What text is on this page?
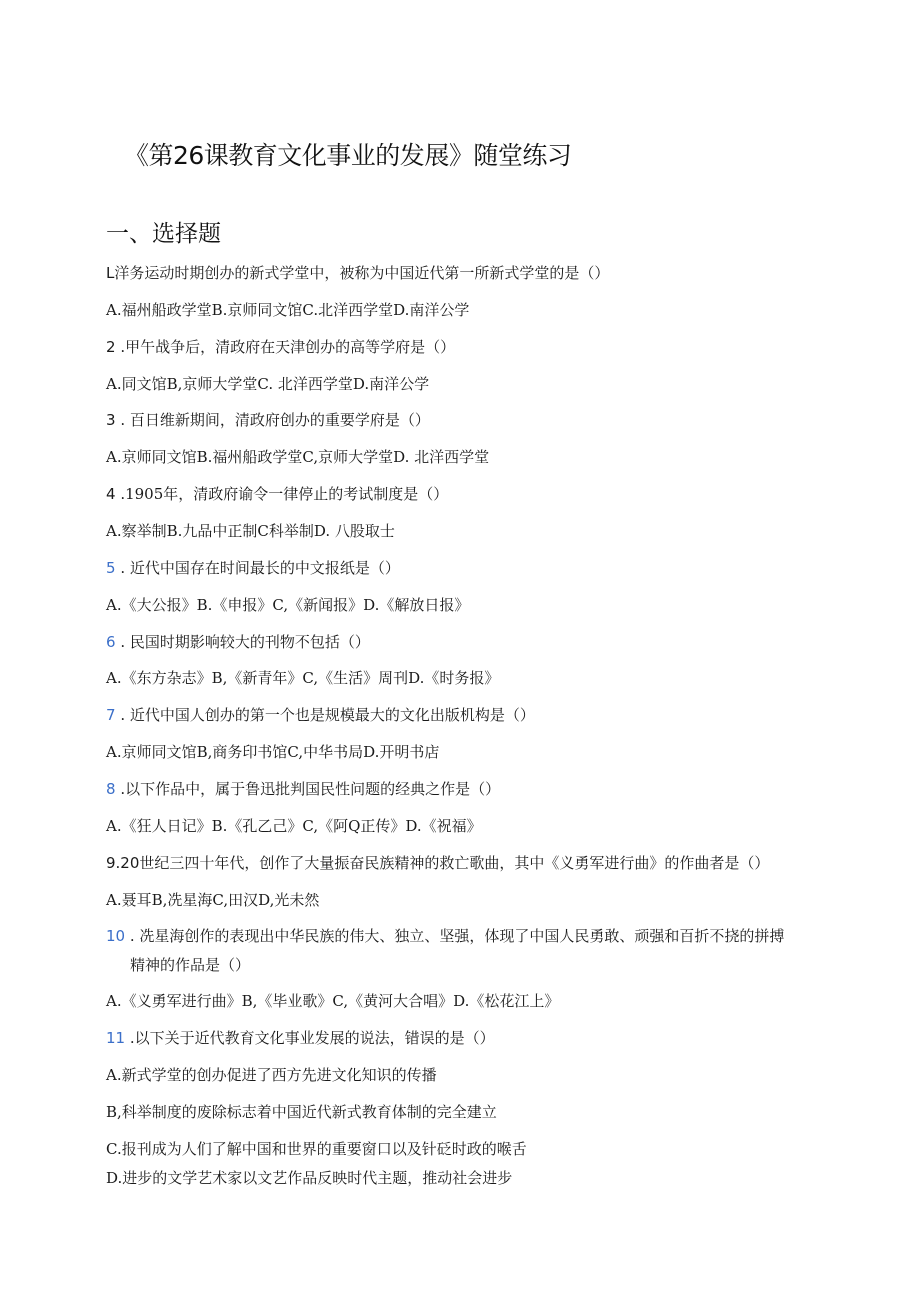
《第26课教育文化事业的发展》随堂练习
一、选择题
L洋务运动时期创办的新式学堂中，被称为中国近代第一所新式学堂的是（）
A.福州船政学堂B.京师同文馆C.北洋西学堂D.南洋公学
2 .甲午战争后，清政府在天津创办的高等学府是（）
A.同文馆B,京师大学堂C. 北洋西学堂D.南洋公学
3 . 百日维新期间，清政府创办的重要学府是（）
A.京师同文馆B.福州船政学堂C,京师大学堂D. 北洋西学堂
4 .1905年，清政府谕令一律停止的考试制度是（）
A.察举制B.九品中正制C科举制D. 八股取士
5 . 近代中国存在时间最长的中文报纸是（）
A.《大公报》B.《申报》C,《新闻报》D.《解放日报》
6 . 民国时期影响较大的刊物不包括（）
A.《东方杂志》B,《新青年》C,《生活》周刊D.《时务报》
7 . 近代中国人创办的第一个也是规模最大的文化出版机构是（）
A.京师同文馆B,商务印书馆C,中华书局D.开明书店
8 .以下作品中，属于鲁迅批判国民性问题的经典之作是（）
A.《狂人日记》B.《孔乙己》C,《阿Q正传》D.《祝福》
9.20世纪三四十年代，创作了大量振奋民族精神的救亡歌曲，其中《义勇军进行曲》的作曲者是（）
A.聂耳B,冼星海C,田汉D,光未然
10 . 冼星海创作的表现出中华民族的伟大、独立、坚强，体现了中国人民勇敢、顽强和百折不挠的拼搏
精神的作品是（）
A.《义勇军进行曲》B,《毕业歌》C,《黄河大合唱》D.《松花江上》
11 .以下关于近代教育文化事业发展的说法，错误的是（）
A.新式学堂的创办促进了西方先进文化知识的传播
B,科举制度的废除标志着中国近代新式教育体制的完全建立
C.报刊成为人们了解中国和世界的重要窗口以及针砭时政的喉舌
D.进步的文学艺术家以文艺作品反映时代主题，推动社会进步
